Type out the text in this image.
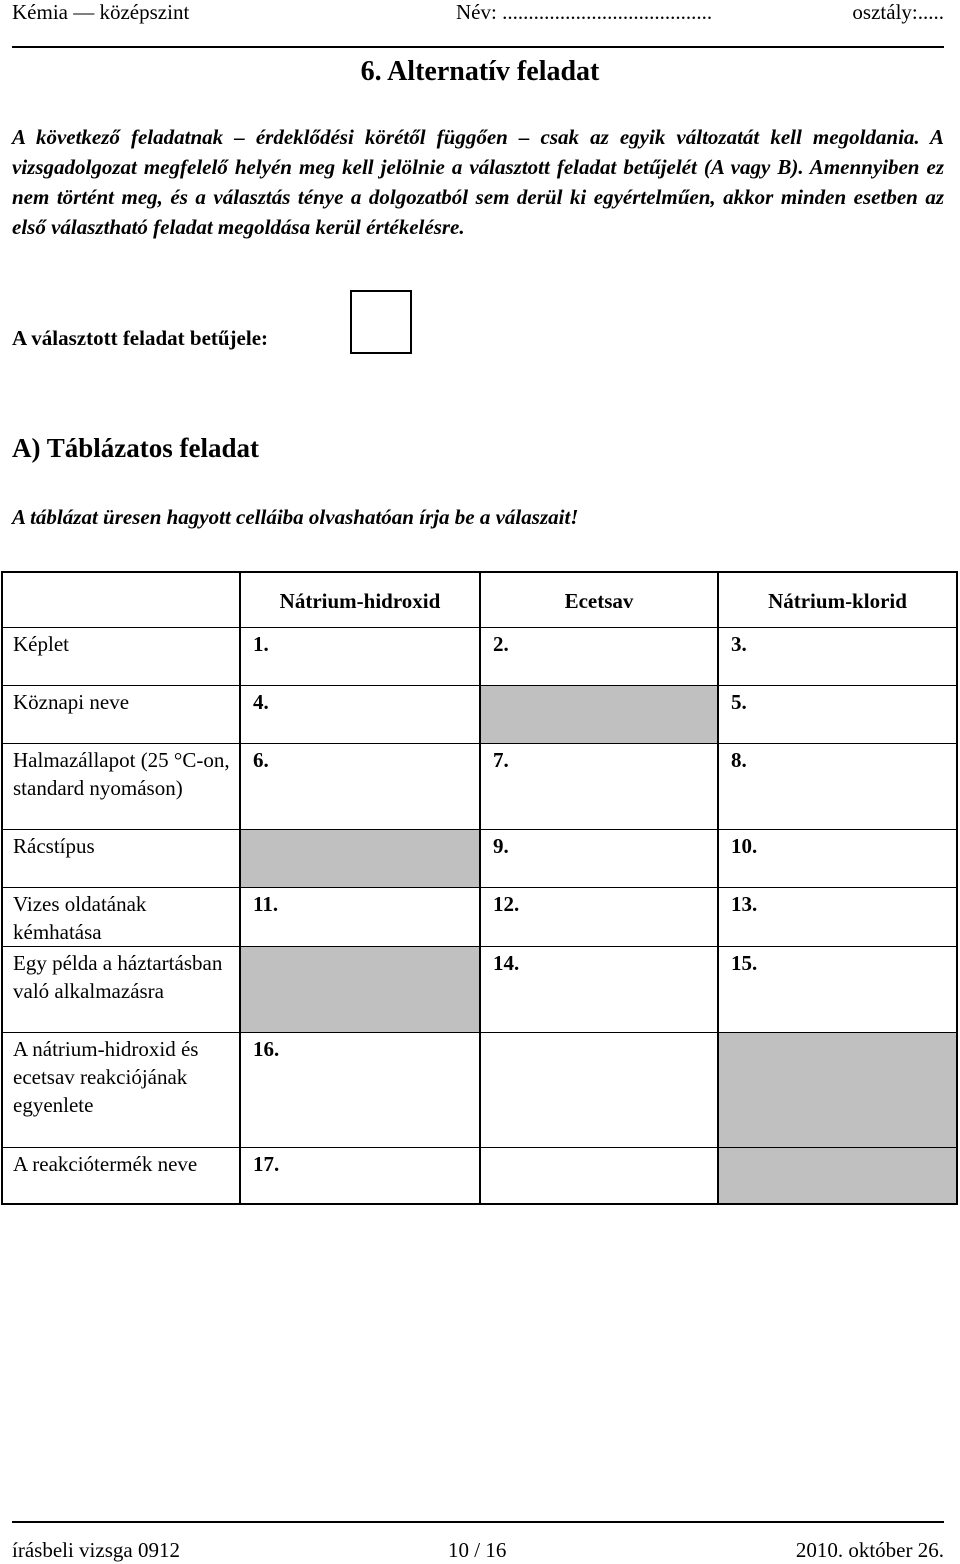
Kémia — középszint	Név: ........................................	osztály:.....
6. Alternatív feladat
A következő feladatnak – érdeklődési körétől függően – csak az egyik változatát kell megoldania. A vizsgadolgozat megfelelő helyén meg kell jelölnie a választott feladat betűjelét (A vagy B). Amennyiben ez nem történt meg, és a választás ténye a dolgozatból sem derül ki egyértelműen, akkor minden esetben az első választható feladat megoldása kerül értékelésre.
A választott feladat betűjele:
A) Táblázatos feladat
A táblázat üresen hagyott celláiba olvashatóan írja be a válaszait!
	Nátrium-hidroxid	Ecetsav	Nátrium-klorid
Képlet	1.	2.	3.
Köznapi neve	4.		5.
Halmazállapot (25 °C-on, standard nyomáson)	6.	7.	8.
Rácstípus		9.	10.
Vizes oldatának kémhatása	11.	12.	13.
Egy példa a háztartásban való alkalmazásra		14.	15.
A nátrium-hidroxid és ecetsav reakciójának egyenlete	16.		
A reakciótermék neve	17.		
írásbeli vizsga 0912	10 / 16	2010. október 26.
